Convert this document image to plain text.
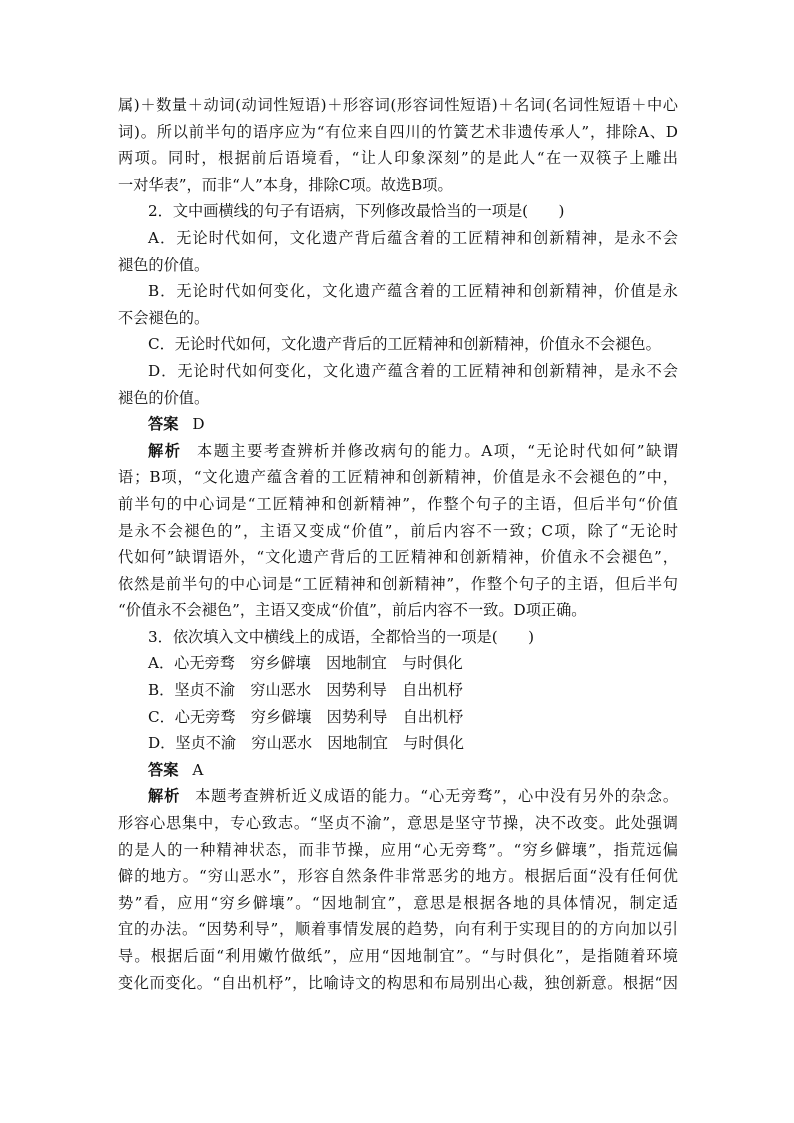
属)＋数量＋动词(动词性短语)＋形容词(形容词性短语)＋名词(名词性短语＋中心
词)。所以前半句的语序应为“有位来自四川的竹簧艺术非遗传承人”，排除A、D
两项。同时，根据前后语境看，“让人印象深刻”的是此人“在一双筷子上雕出
一对华表”，而非“人”本身，排除C项。故选B项。
2．文中画横线的句子有语病，下列修改最恰当的一项是(　　)
A．无论时代如何，文化遗产背后蕴含着的工匠精神和创新精神，是永不会
褪色的价值。
B．无论时代如何变化，文化遗产蕴含着的工匠精神和创新精神，价值是永
不会褪色的。
C．无论时代如何，文化遗产背后的工匠精神和创新精神，价值永不会褪色。
D．无论时代如何变化，文化遗产蕴含着的工匠精神和创新精神，是永不会
褪色的价值。
答案 D
解析 本题主要考查辨析并修改病句的能力。A项，“无论时代如何”缺谓
语；B项，“文化遗产蕴含着的工匠精神和创新精神，价值是永不会褪色的”中，
前半句的中心词是“工匠精神和创新精神”，作整个句子的主语，但后半句“价值
是永不会褪色的”，主语又变成“价值”，前后内容不一致；C项，除了“无论时
代如何”缺谓语外，“文化遗产背后的工匠精神和创新精神，价值永不会褪色”，
依然是前半句的中心词是“工匠精神和创新精神”，作整个句子的主语，但后半句
“价值永不会褪色”，主语又变成“价值”，前后内容不一致。D项正确。
3．依次填入文中横线上的成语，全都恰当的一项是(　　)
A．心无旁骛　穷乡僻壤　因地制宜　与时俱化
B．坚贞不渝　穷山恶水　因势利导　自出机杼
C．心无旁骛　穷乡僻壤　因势利导　自出机杼
D．坚贞不渝　穷山恶水　因地制宜　与时俱化
答案 A
解析 本题考查辨析近义成语的能力。“心无旁骛”，心中没有另外的杂念。
形容心思集中，专心致志。“坚贞不渝”，意思是坚守节操，决不改变。此处强调
的是人的一种精神状态，而非节操，应用“心无旁骛”。“穷乡僻壤”，指荒远偏
僻的地方。“穷山恶水”，形容自然条件非常恶劣的地方。根据后面“没有任何优
势”看，应用“穷乡僻壤”。“因地制宜”，意思是根据各地的具体情况，制定适
宜的办法。“因势利导”，顺着事情发展的趋势，向有利于实现目的的方向加以引
导。根据后面“利用嫩竹做纸”，应用“因地制宜”。“与时俱化”，是指随着环境
变化而变化。“自出机杼”，比喻诗文的构思和布局别出心裁，独创新意。根据“因
